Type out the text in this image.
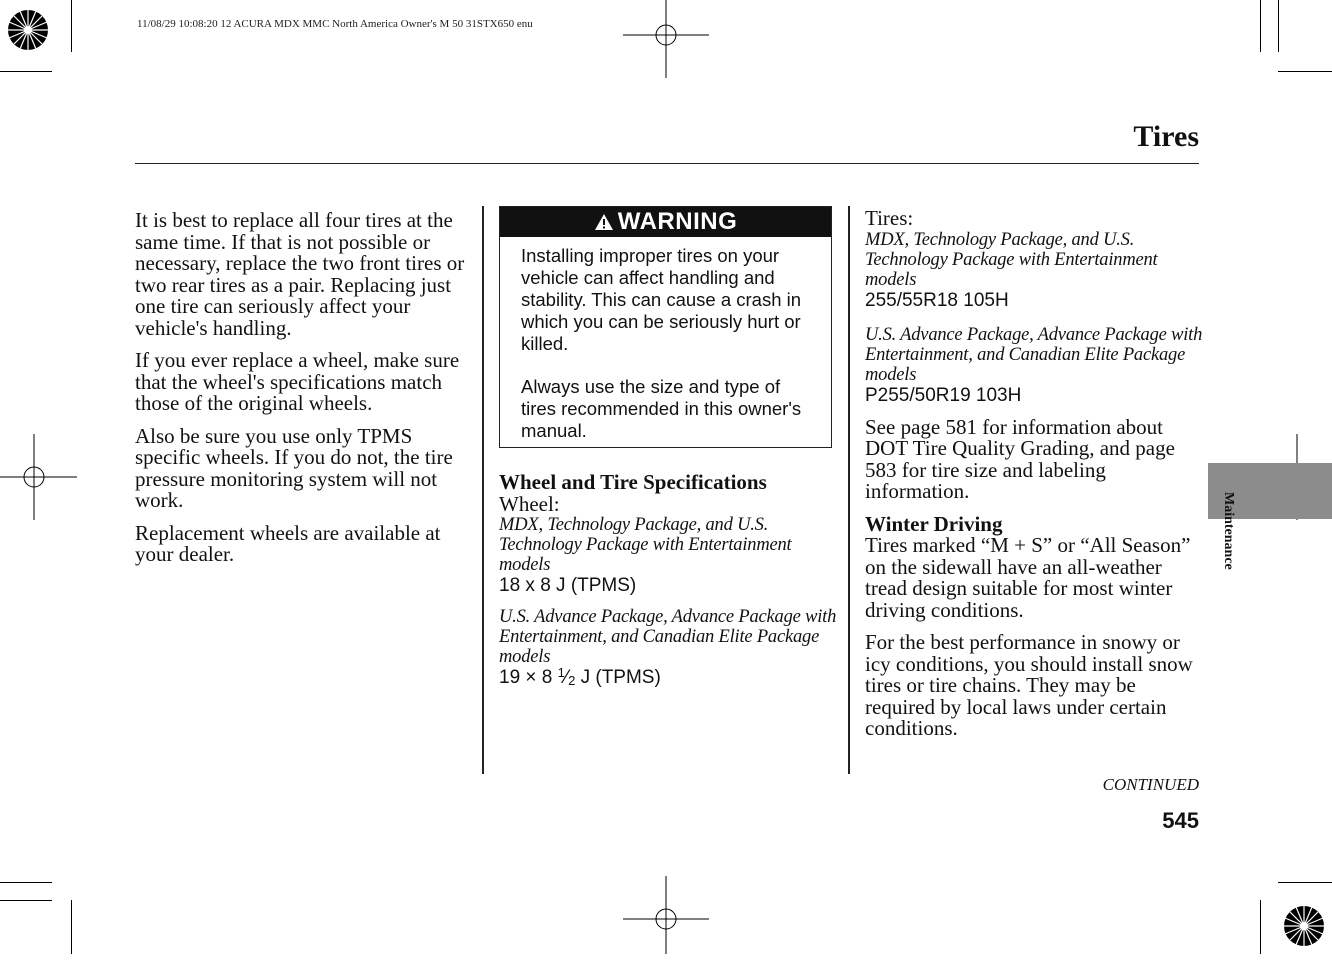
11/08/29 10:08:20 12 ACURA MDX MMC North America Owner's M 50 31STX650 enu
Tires

It is best to replace all four tires at the same time. If that is not possible or necessary, replace the two front tires or two rear tires as a pair. Replacing just one tire can seriously affect your vehicle's handling.

If you ever replace a wheel, make sure that the wheel's specifications match those of the original wheels.

Also be sure you use only TPMS specific wheels. If you do not, the tire pressure monitoring system will not work.

Replacement wheels are available at your dealer.

WARNING

Installing improper tires on your vehicle can affect handling and stability. This can cause a crash in which you can be seriously hurt or killed.

Always use the size and type of tires recommended in this owner's manual.

Wheel and Tire Specifications
Wheel:
MDX, Technology Package, and U.S. Technology Package with Entertainment models
18 x 8 J (TPMS)
U.S. Advance Package, Advance Package with Entertainment, and Canadian Elite Package models
19 × 8 $^1$⁄2 J (TPMS)
Tires:
MDX, Technology Package, and U.S. Technology Package with Entertainment models
255/55R18 105H
U.S. Advance Package, Advance Package with Entertainment, and Canadian Elite Package models
P255/50R19 103H

See page 581 for information about DOT Tire Quality Grading, and page 583 for tire size and labeling information.

Winter Driving

Tires marked “M + S” or “All Season” on the sidewall have an all-weather tread design suitable for most winter driving conditions.

For the best performance in snowy or icy conditions, you should install snow tires or tire chains. They may be required by local laws under certain conditions.

CONTINUED
545
Maintenance
